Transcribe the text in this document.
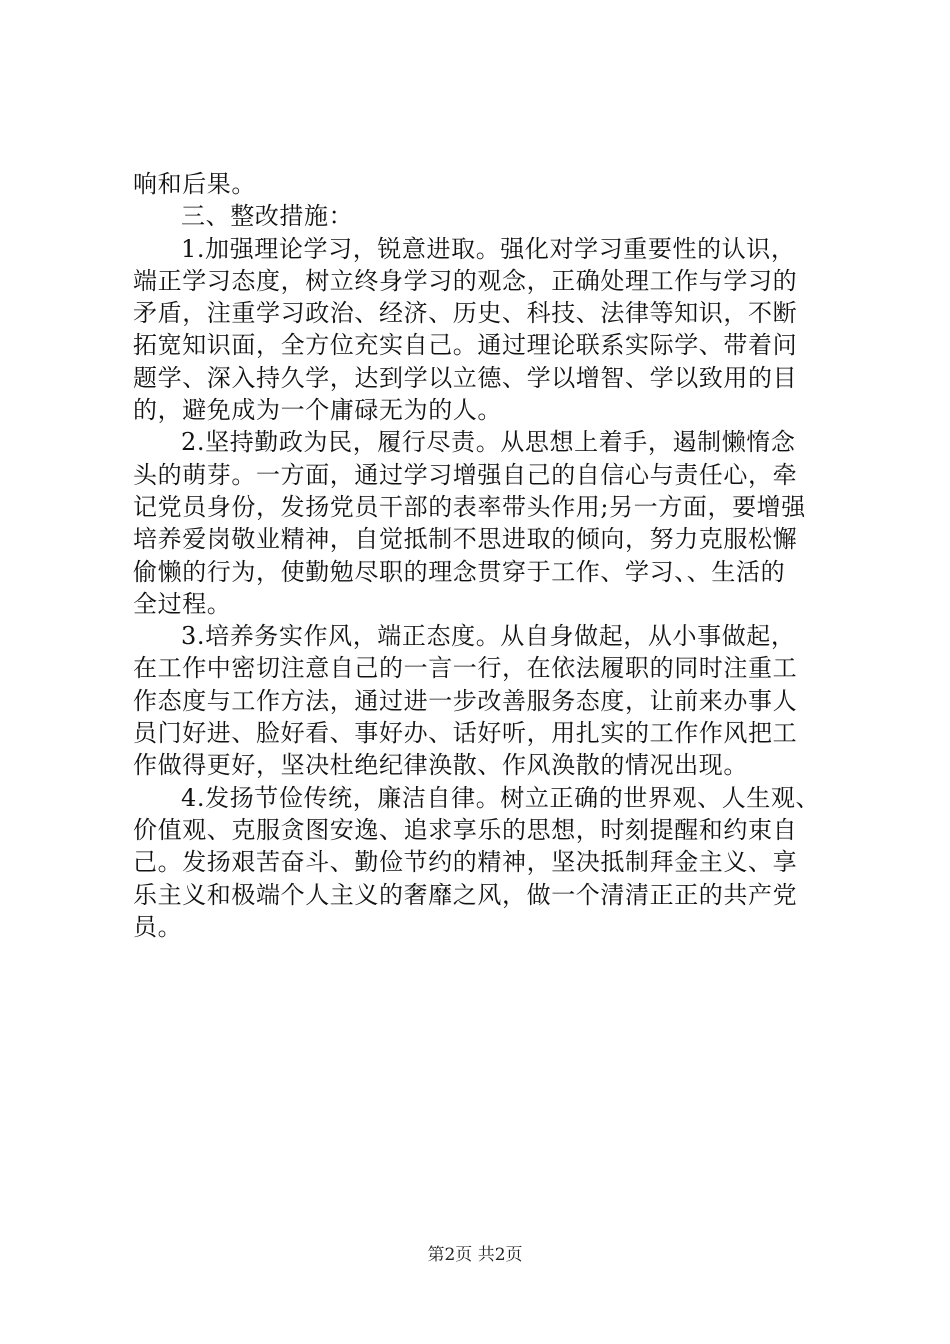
响和后果。
三、整改措施：
1.加强理论学习，锐意进取。强化对学习重要性的认识，
端正学习态度，树立终身学习的观念，正确处理工作与学习的
矛盾，注重学习政治、经济、历史、科技、法律等知识，不断
拓宽知识面，全方位充实自己。通过理论联系实际学、带着问
题学、深入持久学，达到学以立德、学以增智、学以致用的目
的，避免成为一个庸碌无为的人。
2.坚持勤政为民，履行尽责。从思想上着手，遏制懒惰念
头的萌芽。一方面，通过学习增强自己的自信心与责任心，牵
记党员身份，发扬党员干部的表率带头作用;另一方面，要增强
培养爱岗敬业精神，自觉抵制不思进取的倾向，努力克服松懈
偷懒的行为，使勤勉尽职的理念贯穿于工作、学习、、生活的
全过程。
3.培养务实作风，端正态度。从自身做起，从小事做起，
在工作中密切注意自己的一言一行，在依法履职的同时注重工
作态度与工作方法，通过进一步改善服务态度，让前来办事人
员门好进、脸好看、事好办、话好听，用扎实的工作作风把工
作做得更好，坚决杜绝纪律涣散、作风涣散的情况出现。
4.发扬节俭传统，廉洁自律。树立正确的世界观、人生观、
价值观、克服贪图安逸、追求享乐的思想，时刻提醒和约束自
己。发扬艰苦奋斗、勤俭节约的精神，坚决抵制拜金主义、享
乐主义和极端个人主义的奢靡之风，做一个清清正正的共产党
员。
第2页 共2页
